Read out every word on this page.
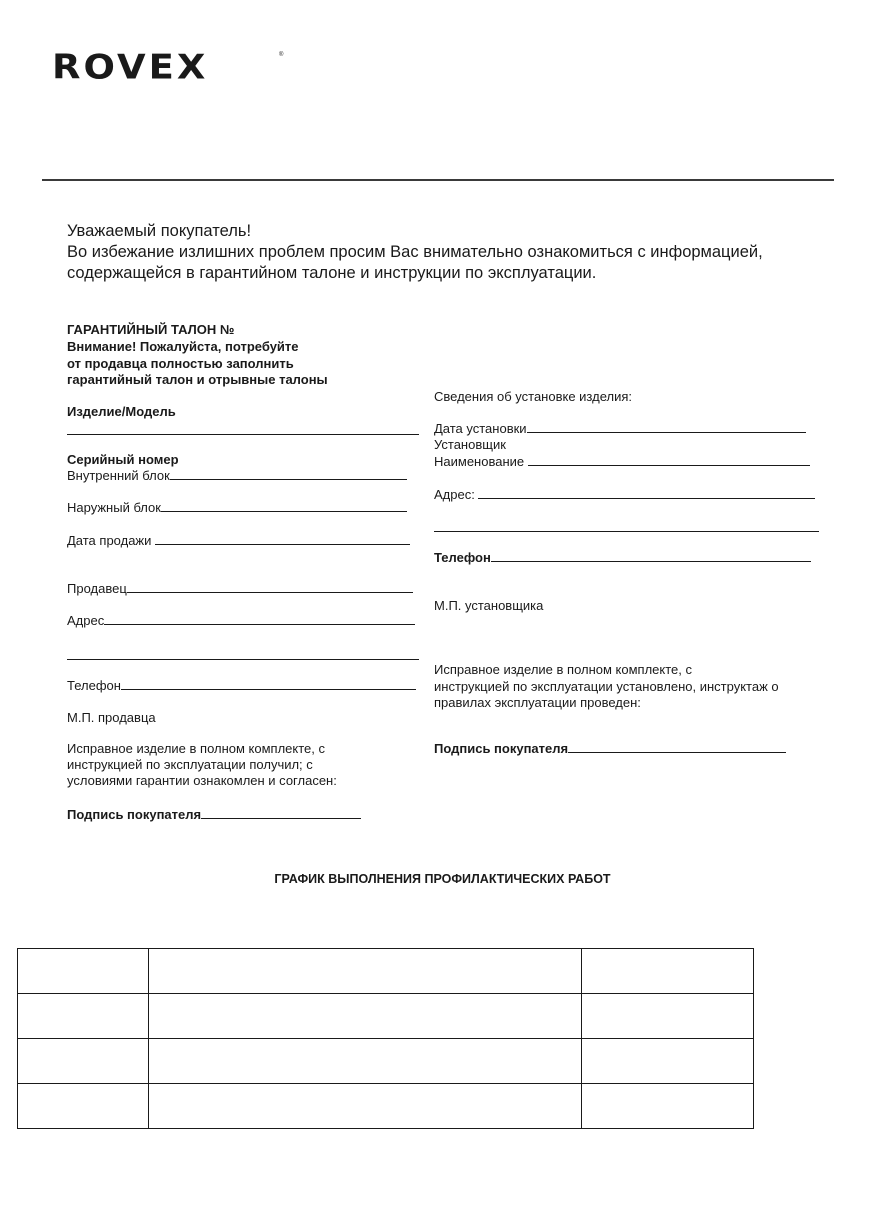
ROVEX	®
Уважаемый покупатель!
Во избежание излишних проблем просим Вас внимательно ознакомиться с информацией,
содержащейся в гарантийном талоне и инструкции по эксплуатации.
ГАРАНТИЙНЫЙ ТАЛОН №
Внимание! Пожалуйста, потребуйте
от продавца полностью заполнить
гарантийный талон и отрывные талоны
Изделие/Модель
Серийный номер
Внутренний блок
Наружный блок
Дата продажи
Продавец
Адрес
Телефон
М.П. продавца
Исправное изделие в полном комплекте, с
инструкцией по эксплуатации получил; с
условиями гарантии ознакомлен и согласен:
Подпись покупателя
Сведения об установке изделия:
Дата установки
Установщик
Наименование
Адрес:
Телефон
М.П. установщика
Исправное изделие в полном комплекте, с
инструкцией по эксплуатации установлено, инструктаж о
правилах эксплуатации проведен:
Подпись покупателя
ГРАФИК ВЫПОЛНЕНИЯ ПРОФИЛАКТИЧЕСКИХ РАБОТ
